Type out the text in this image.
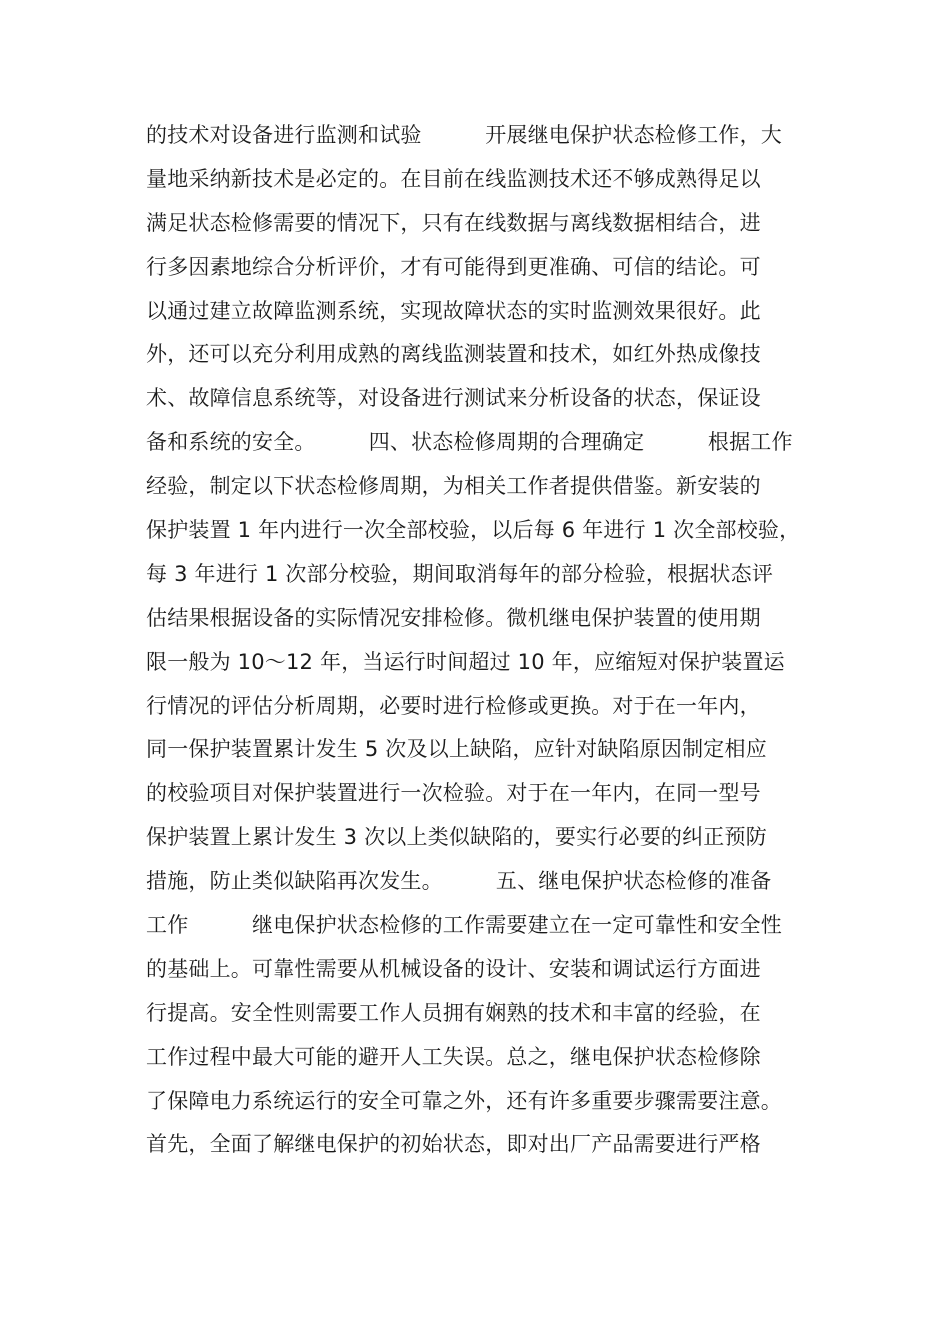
的技术对设备进行监测和试验　　　开展继电保护状态检修工作，大
量地采纳新技术是必定的。在目前在线监测技术还不够成熟得足以
满足状态检修需要的情况下，只有在线数据与离线数据相结合，进
行多因素地综合分析评价，才有可能得到更准确、可信的结论。可
以通过建立故障监测系统，实现故障状态的实时监测效果很好。此
外，还可以充分利用成熟的离线监测装置和技术，如红外热成像技
术、故障信息系统等，对设备进行测试来分析设备的状态，保证设
备和系统的安全。　　　四、状态检修周期的合理确定　　　根据工作
经验，制定以下状态检修周期，为相关工作者提供借鉴。新安装的
保护装置 1 年内进行一次全部校验，以后每 6 年进行 1 次全部校验，
每 3 年进行 1 次部分校验，期间取消每年的部分检验，根据状态评
估结果根据设备的实际情况安排检修。微机继电保护装置的使用期
限一般为 10～12 年，当运行时间超过 10 年，应缩短对保护装置运
行情况的评估分析周期，必要时进行检修或更换。对于在一年内，
同一保护装置累计发生 5 次及以上缺陷，应针对缺陷原因制定相应
的校验项目对保护装置进行一次检验。对于在一年内，在同一型号
保护装置上累计发生 3 次以上类似缺陷的，要实行必要的纠正预防
措施，防止类似缺陷再次发生。　　　五、继电保护状态检修的准备
工作　　　继电保护状态检修的工作需要建立在一定可靠性和安全性
的基础上。可靠性需要从机械设备的设计、安装和调试运行方面进
行提高。安全性则需要工作人员拥有娴熟的技术和丰富的经验，在
工作过程中最大可能的避开人工失误。总之，继电保护状态检修除
了保障电力系统运行的安全可靠之外，还有许多重要步骤需要注意。
首先，全面了解继电保护的初始状态，即对出厂产品需要进行严格
